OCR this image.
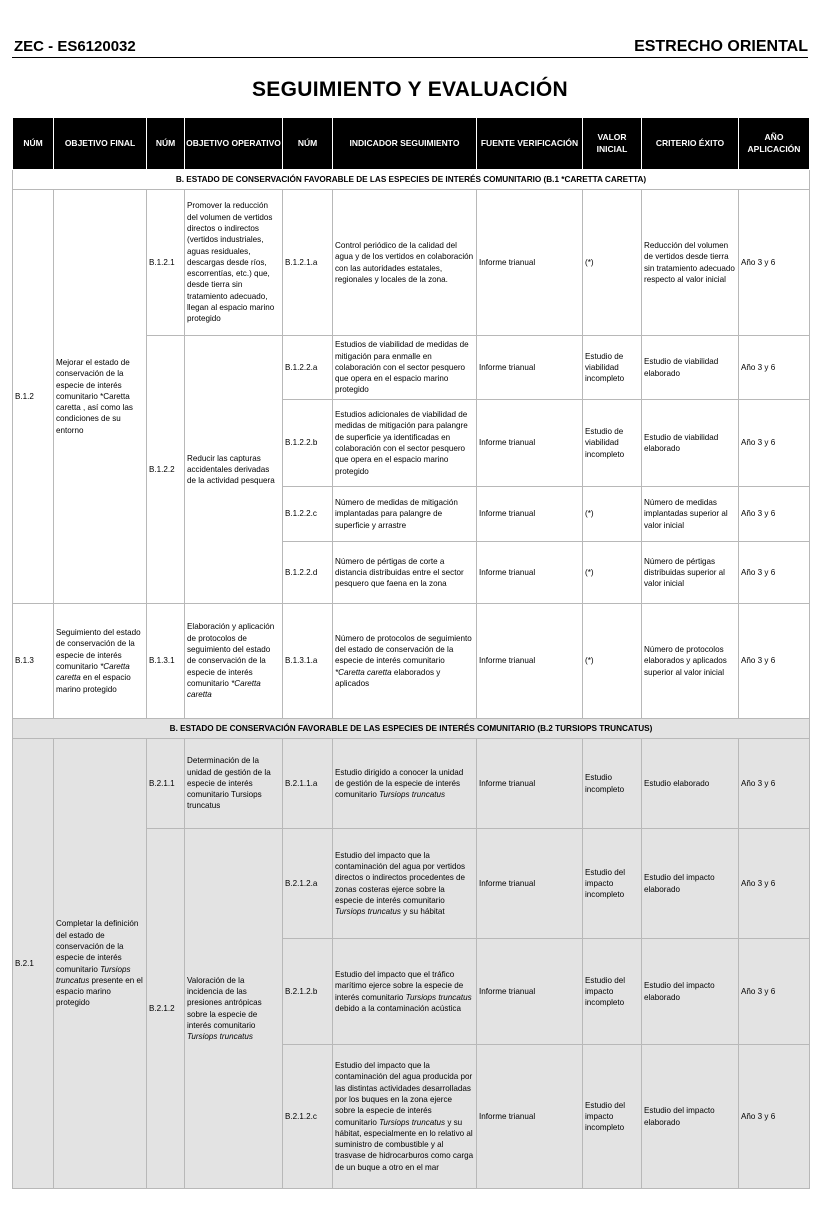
ZEC - ES6120032	ESTRECHO ORIENTAL
SEGUIMIENTO Y EVALUACIÓN
NÚM	OBJETIVO FINAL	NÚM	OBJETIVO OPERATIVO	NÚM	INDICADOR SEGUIMIENTO	FUENTE VERIFICACIÓN	VALOR INICIAL	CRITERIO ÉXITO	AÑO APLICACIÓN
B. ESTADO DE CONSERVACIÓN FAVORABLE DE LAS ESPECIES DE INTERÉS COMUNITARIO (B.1 *CARETTA CARETTA)									
B.1.2	Mejorar el estado de conservación de la especie de interés comunitario *Caretta caretta , así como las condiciones de su entorno	B.1.2.1	Promover la reducción del volumen de vertidos directos o indirectos (vertidos industriales, aguas residuales, descargas desde ríos, escorrentías, etc.) que, desde tierra sin tratamiento adecuado, llegan al espacio marino protegido	B.1.2.1.a	Control periódico de la calidad del agua y de los vertidos en colaboración con las autoridades estatales, regionales y locales de la zona.	Informe trianual	(*)	Reducción del volumen de vertidos desde tierra sin tratamiento adecuado respecto al valor inicial	Año 3 y 6
		B.1.2.2	Reducir las capturas accidentales derivadas de la actividad pesquera	B.1.2.2.a	Estudios de viabilidad de medidas de mitigación para enmalle en colaboración con el sector pesquero que opera en el espacio marino protegido	Informe trianual	Estudio de viabilidad incompleto	Estudio de viabilidad elaborado	Año 3 y 6
				B.1.2.2.b	Estudios adicionales de viabilidad de medidas de mitigación para palangre de superficie ya identificadas en colaboración con el sector pesquero que opera en el espacio marino protegido	Informe trianual	Estudio de viabilidad incompleto	Estudio de viabilidad elaborado	Año 3 y 6
				B.1.2.2.c	Número de medidas de mitigación implantadas para palangre de superficie y arrastre	Informe trianual	(*)	Número de medidas implantadas superior al valor inicial	Año 3 y 6
				B.1.2.2.d	Número de pértigas de corte a distancia distribuidas entre el sector pesquero que faena en la zona	Informe trianual	(*)	Número de pértigas distribuidas superior al valor inicial	Año 3 y 6
B.1.3	Seguimiento del estado de conservación de la especie de interés comunitario *Caretta caretta en el espacio marino protegido	B.1.3.1	Elaboración y aplicación de protocolos de seguimiento del estado de conservación de la especie de interés comunitario *Caretta caretta	B.1.3.1.a	Número de protocolos de seguimiento del estado de conservación de la especie de interés comunitario *Caretta caretta elaborados y aplicados	Informe trianual	(*)	Número de protocolos elaborados y aplicados superior al valor inicial	Año 3 y 6
B. ESTADO DE CONSERVACIÓN FAVORABLE DE LAS ESPECIES DE INTERÉS COMUNITARIO (B.2 TURSIOPS TRUNCATUS)									
B.2.1	Completar la definición del estado de conservación de la especie de interés comunitario Tursiops truncatus presente en el espacio marino protegido	B.2.1.1	Determinación de la unidad de gestión de la especie de interés comunitario Tursiops truncatus	B.2.1.1.a	Estudio dirigido a conocer la unidad de gestión de la especie de interés comunitario Tursiops truncatus	Informe trianual	Estudio incompleto	Estudio elaborado	Año 3 y 6
		B.2.1.2	Valoración de la incidencia de las presiones antrópicas sobre la especie de interés comunitario Tursiops truncatus	B.2.1.2.a	Estudio del impacto que la contaminación del agua por vertidos directos o indirectos procedentes de zonas costeras ejerce sobre la especie de interés comunitario Tursiops truncatus y su hábitat	Informe trianual	Estudio del impacto incompleto	Estudio del impacto elaborado	Año 3 y 6
				B.2.1.2.b	Estudio del impacto que el tráfico marítimo ejerce sobre la especie de interés comunitario Tursiops truncatus debido a la contaminación acústica	Informe trianual	Estudio del impacto incompleto	Estudio del impacto elaborado	Año 3 y 6
				B.2.1.2.c	Estudio del impacto que la contaminación del agua producida por las distintas actividades desarrolladas por los buques en la zona ejerce sobre la especie de interés comunitario Tursiops truncatus y su hábitat, especialmente en lo relativo al suministro de combustible y al trasvase de hidrocarburos como carga de un buque a otro en el mar	Informe trianual	Estudio del impacto incompleto	Estudio del impacto elaborado	Año 3 y 6
